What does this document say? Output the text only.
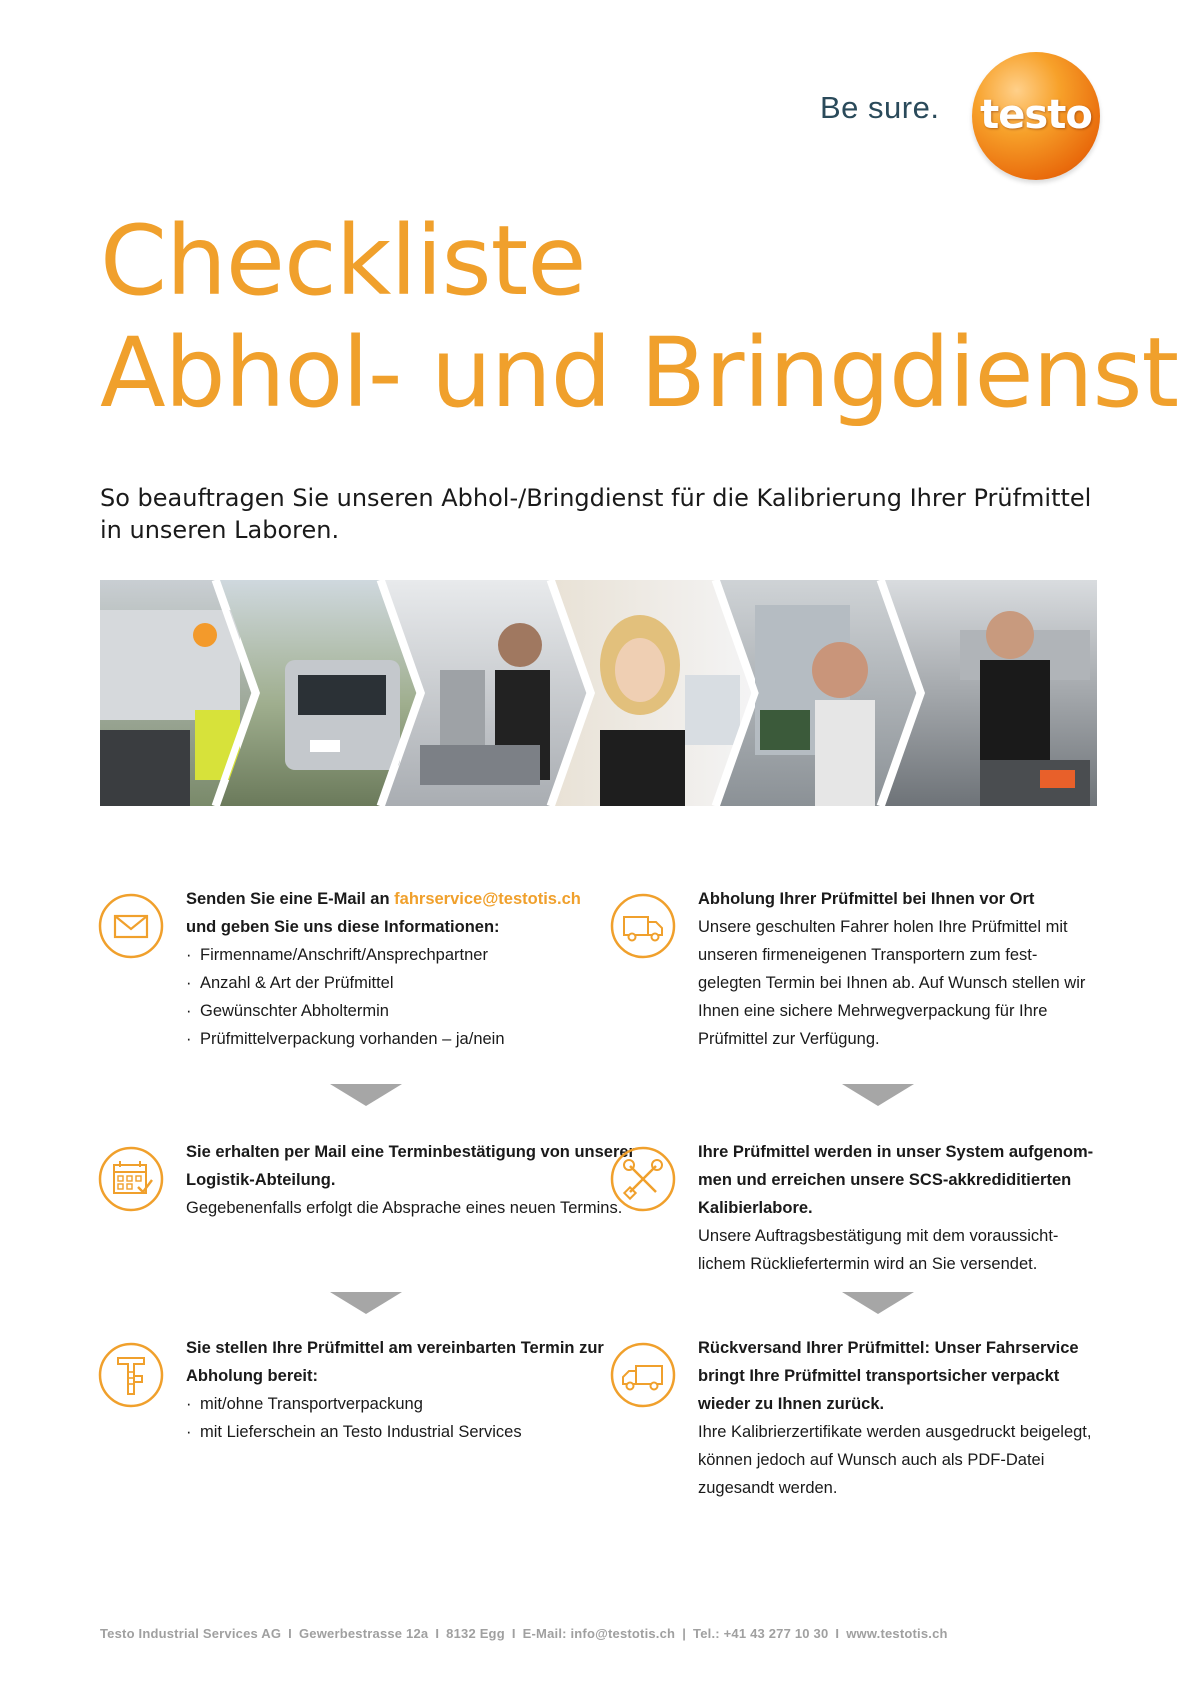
Be sure. testo
Checkliste
Abhol- und Bringdienst
So beauftragen Sie unseren Abhol-/Bringdienst für die Kalibrierung Ihrer Prüfmittel in unseren Laboren.
Senden Sie eine E-Mail an fahrservice@testotis.ch
und geben Sie uns diese Informationen:
· Firmenname/Anschrift/Ansprechpartner
· Anzahl & Art der Prüfmittel
· Gewünschter Abholtermin
· Prüfmittelverpackung vorhanden – ja/nein
Sie erhalten per Mail eine Terminbestätigung von unserer Logistik-Abteilung.
Gegebenenfalls erfolgt die Absprache eines neuen Termins.
Sie stellen Ihre Prüfmittel am vereinbarten Termin zur Abholung bereit:
· mit/ohne Transportverpackung
· mit Lieferschein an Testo Industrial Services
Abholung Ihrer Prüfmittel bei Ihnen vor Ort
Unsere geschulten Fahrer holen Ihre Prüfmittel mit unseren firmeneigenen Transportern zum fest-gelegten Termin bei Ihnen ab. Auf Wunsch stellen wir Ihnen eine sichere Mehrwegverpackung für Ihre Prüfmittel zur Verfügung.
Ihre Prüfmittel werden in unser System aufgenom-men und erreichen unsere SCS-akkrediditierten Kalibierlabore.
Unsere Auftragsbestätigung mit dem voraussicht-lichem Rückliefertermin wird an Sie versendet.
Rückversand Ihrer Prüfmittel: Unser Fahrservice bringt Ihre Prüfmittel transportsicher verpackt wieder zu Ihnen zurück.
Ihre Kalibrierzertifikate werden ausgedruckt beigelegt, können jedoch auf Wunsch auch als PDF-Datei zugesandt werden.
Testo Industrial Services AG I Gewerbestrasse 12a I 8132 Egg I E-Mail: info@testotis.ch | Tel.: +41 43 277 10 30 I www.testotis.ch
